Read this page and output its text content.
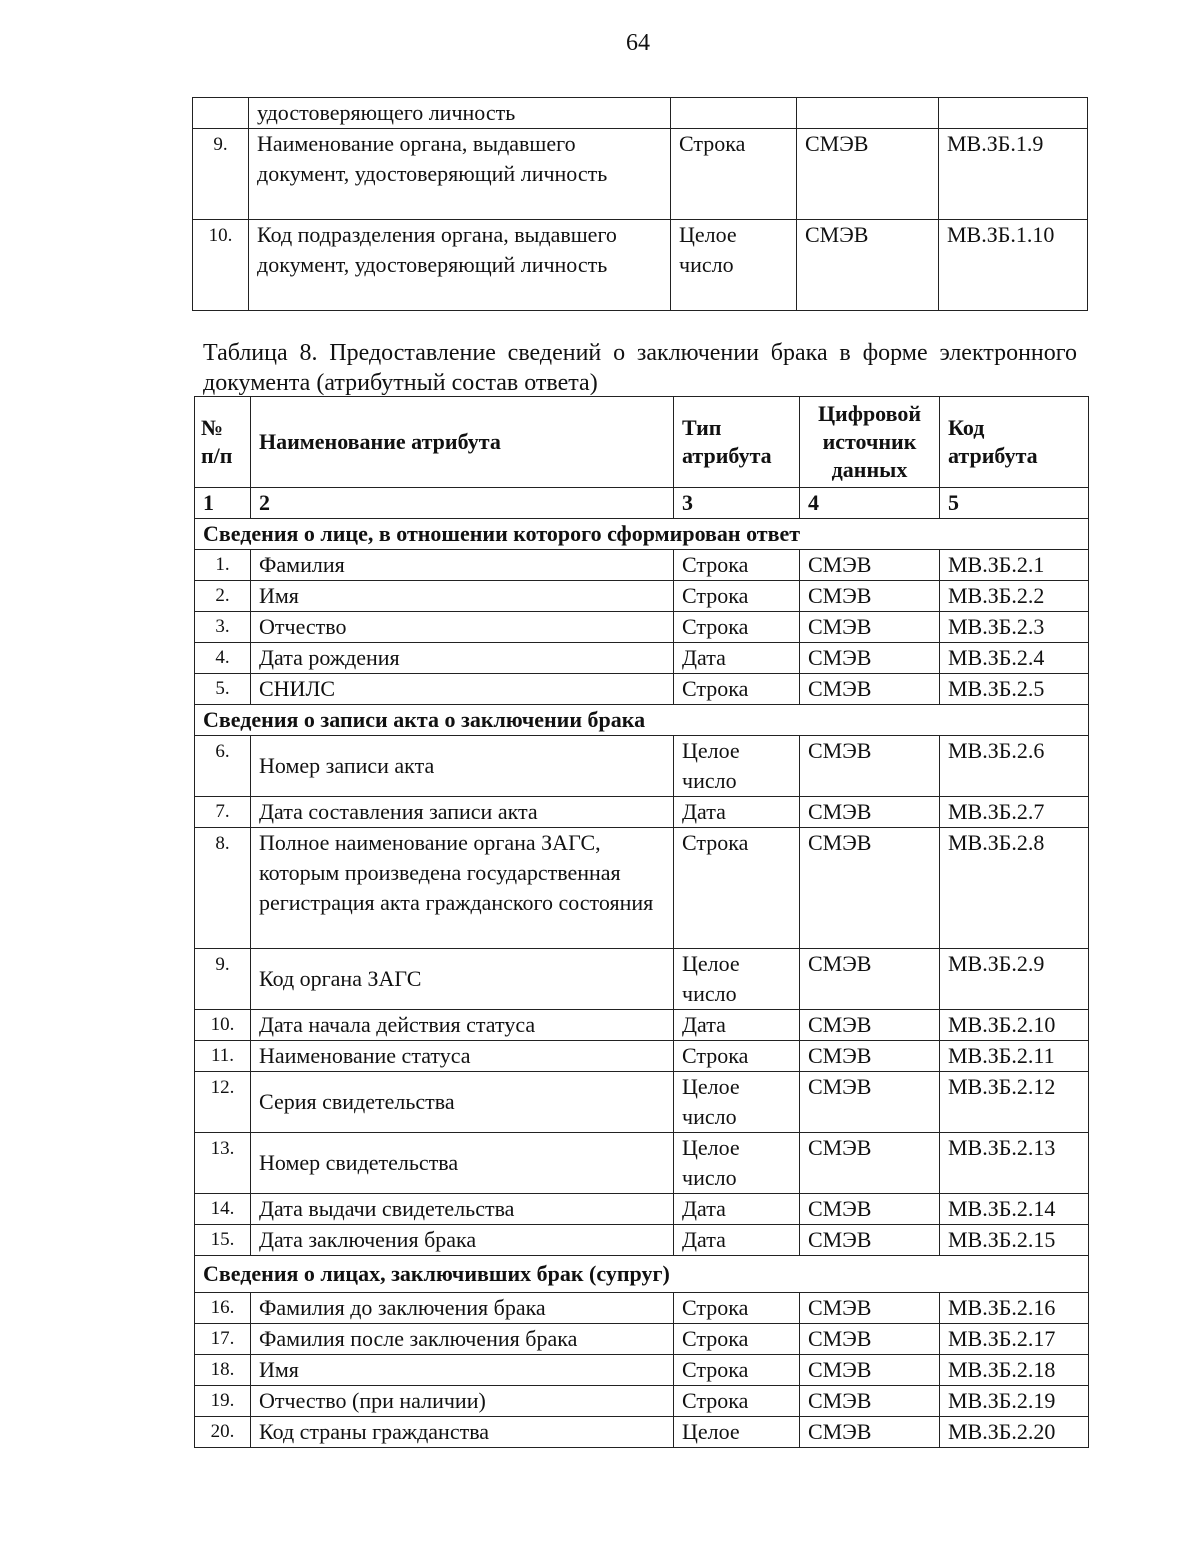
64
	удостоверяющего личность			
9.	Наименование органа, выдавшего документ, удостоверяющий личность	Строка	СМЭВ	МВ.ЗБ.1.9
10.	Код подразделения органа, выдавшего документ, удостоверяющий личность	Целое число	СМЭВ	МВ.ЗБ.1.10
Таблица 8. Предоставление сведений о заключении брака в форме электронного документа (атрибутный состав ответа)
№ п/п	Наименование атрибута	Тип атрибута	Цифровой источник данных	Код атрибута
1	2	3	4	5
Сведения о лице, в отношении которого сформирован ответ				
1.	Фамилия	Строка	СМЭВ	МВ.ЗБ.2.1
2.	Имя	Строка	СМЭВ	МВ.ЗБ.2.2
3.	Отчество	Строка	СМЭВ	МВ.ЗБ.2.3
4.	Дата рождения	Дата	СМЭВ	МВ.ЗБ.2.4
5.	СНИЛС	Строка	СМЭВ	МВ.ЗБ.2.5
Сведения о записи акта о заключении брака				
6.	Номер записи акта	Целое число	СМЭВ	МВ.ЗБ.2.6
7.	Дата составления записи акта	Дата	СМЭВ	МВ.ЗБ.2.7
8.	Полное наименование органа ЗАГС, которым произведена государственная регистрация акта гражданского состояния	Строка	СМЭВ	МВ.ЗБ.2.8
9.	Код органа ЗАГС	Целое число	СМЭВ	МВ.ЗБ.2.9
10.	Дата начала действия статуса	Дата	СМЭВ	МВ.ЗБ.2.10
11.	Наименование статуса	Строка	СМЭВ	МВ.ЗБ.2.11
12.	Серия свидетельства	Целое число	СМЭВ	МВ.ЗБ.2.12
13.	Номер свидетельства	Целое число	СМЭВ	МВ.ЗБ.2.13
14.	Дата выдачи свидетельства	Дата	СМЭВ	МВ.ЗБ.2.14
15.	Дата заключения брака	Дата	СМЭВ	МВ.ЗБ.2.15
Сведения о лицах, заключивших брак (супруг)				
16.	Фамилия до заключения брака	Строка	СМЭВ	МВ.ЗБ.2.16
17.	Фамилия после заключения брака	Строка	СМЭВ	МВ.ЗБ.2.17
18.	Имя	Строка	СМЭВ	МВ.ЗБ.2.18
19.	Отчество (при наличии)	Строка	СМЭВ	МВ.ЗБ.2.19
20.	Код страны гражданства	Целое	СМЭВ	МВ.ЗБ.2.20
